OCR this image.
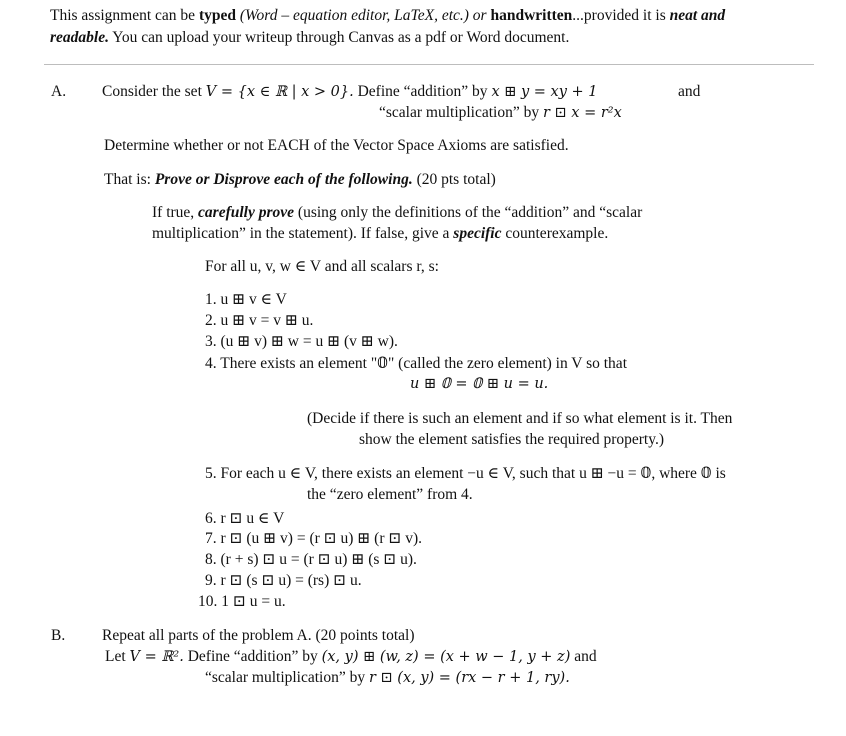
This assignment can be typed (Word – equation editor, LaTeX, etc.) or handwritten...provided it is neat and
readable. You can upload your writeup through Canvas as a pdf or Word document.
A. Consider the set V = {x ∈ ℝ | x > 0}. Define “addition” by x ⊞ y = xy + 1	and
“scalar multiplication” by r ⊡ x = r²x
Determine whether or not EACH of the Vector Space Axioms are satisfied.
That is: Prove or Disprove each of the following. (20 pts total)
If true, carefully prove (using only the definitions of the “addition” and “scalar
multiplication” in the statement). If false, give a specific counterexample.
For all u, v, w ∈ V and all scalars r, s:
1. u ⊞ v ∈ V
2. u ⊞ v = v ⊞ u.
3. (u ⊞ v) ⊞ w = u ⊞ (v ⊞ w).
4. There exists an element "𝟘" (called the zero element) in V so that
u ⊞ 𝟘 = 𝟘 ⊞ u = u.
(Decide if there is such an element and if so what element is it. Then
show the element satisfies the required property.)
5. For each u ∈ V, there exists an element −u ∈ V, such that u ⊞ −u = 𝟘, where 𝟘 is
the “zero element” from 4.
6. r ⊡ u ∈ V
7. r ⊡ (u ⊞ v) = (r ⊡ u) ⊞ (r ⊡ v).
8. (r + s) ⊡ u = (r ⊡ u) ⊞ (s ⊡ u).
9. r ⊡ (s ⊡ u) = (rs) ⊡ u.
10. 1 ⊡ u = u.
B. Repeat all parts of the problem A. (20 points total)
Let V = ℝ². Define “addition” by (x, y) ⊞ (w, z) = (x + w − 1, y + z) and
“scalar multiplication” by r ⊡ (x, y) = (rx − r + 1, ry).
